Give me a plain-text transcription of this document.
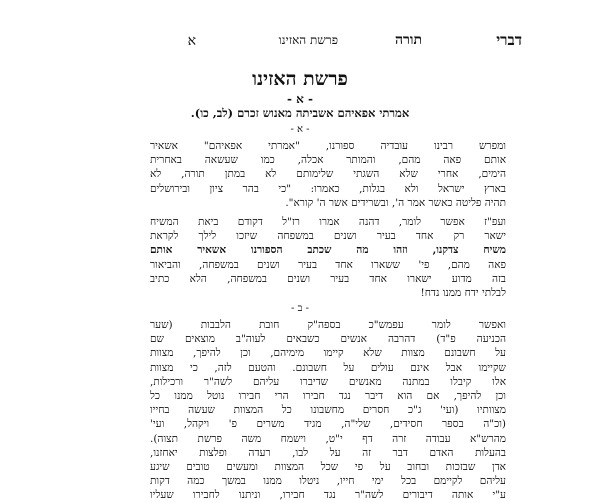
דברי
תורה
פרשת האזינו
א
פרשת האזינו
- א -
אמרתי אפאיהם אשביתה מאנוש זכרם (לב, כו).
- א -
ומפרש רבינו עובדיה ספורנו, "אמרתי אפאיהם" אשאיר
אותם פאה מהם, והמותר אכלה, כמו שעשאה באחרית
הימים, אחרי שלא השגתי שלימותם לא במתן תורה, לא
בארץ ישראל ולא בגלות, כאמרו: "כי בהר ציון ובירושלים
תהיה פליטה כאשר אמר ה', ובשרידים אשר ה' קורא".
ועפ"ז אפשר לומר, דהנה אמרו רז"ל דקודם ביאת המשיח
ישאר רק אחד בעיר ושנים במשפחה שיזכו לילך לקראת
משיח צדקנו, וזהו מה שכתב הספורנו אשאיר אותם
פאה מהם, פי' ששארו אחד בעיר ושנים במשפחה, והביאור
בזה מדוע ישארו אחד בעיר ושנים במשפחה, הלא כתיב
לבלתי ידח ממנו נדח!
- ב -
ואפשר לומר עפמש"כ בספה"ק חובת הלבבות (שער
הכניעה פ"ד) דהרבה אנשים כשבאים לעוה"ב מוצאים שם
על חשבונם מצוות שלא קיימו מימיהם, וכן להיפך, מצוות
שקיימו אבל אינם עולים על חשבונם. והטעם לזה, כי מצוות
אלו קיבלו במתנה מאנשים שדיברו עליהם לשה"ר ורכילות,
וכן להיפך, אם הוא דיבר נגד חבירו הרי חבירו נוטל ממנו כל
מצוותיו (ועי' ג"כ חסרים מחשבונו כל המצוות שעשה בחייו
(וכ"ה בספר חסידים, שלי"ה, מגיד משרים פ' ויקהל, ועי'
מהרש"א עבודה זרה דף י"ט, וישמח משה פרשת תצוה).
בהעלות האדם דבר זה על לבו, רעדה ופלצות יאחזנו,
אדן שבזכות ובחוב על פי שכל המצוות ומעשים טובים שיגע
עליהם לקיימם בכל ימי חייו, ניטלו ממנו במשך כמה דקות
ע"י אותה דיבורים לשה"ר נגד חבירו, וניתנו לחבירו שעליו
